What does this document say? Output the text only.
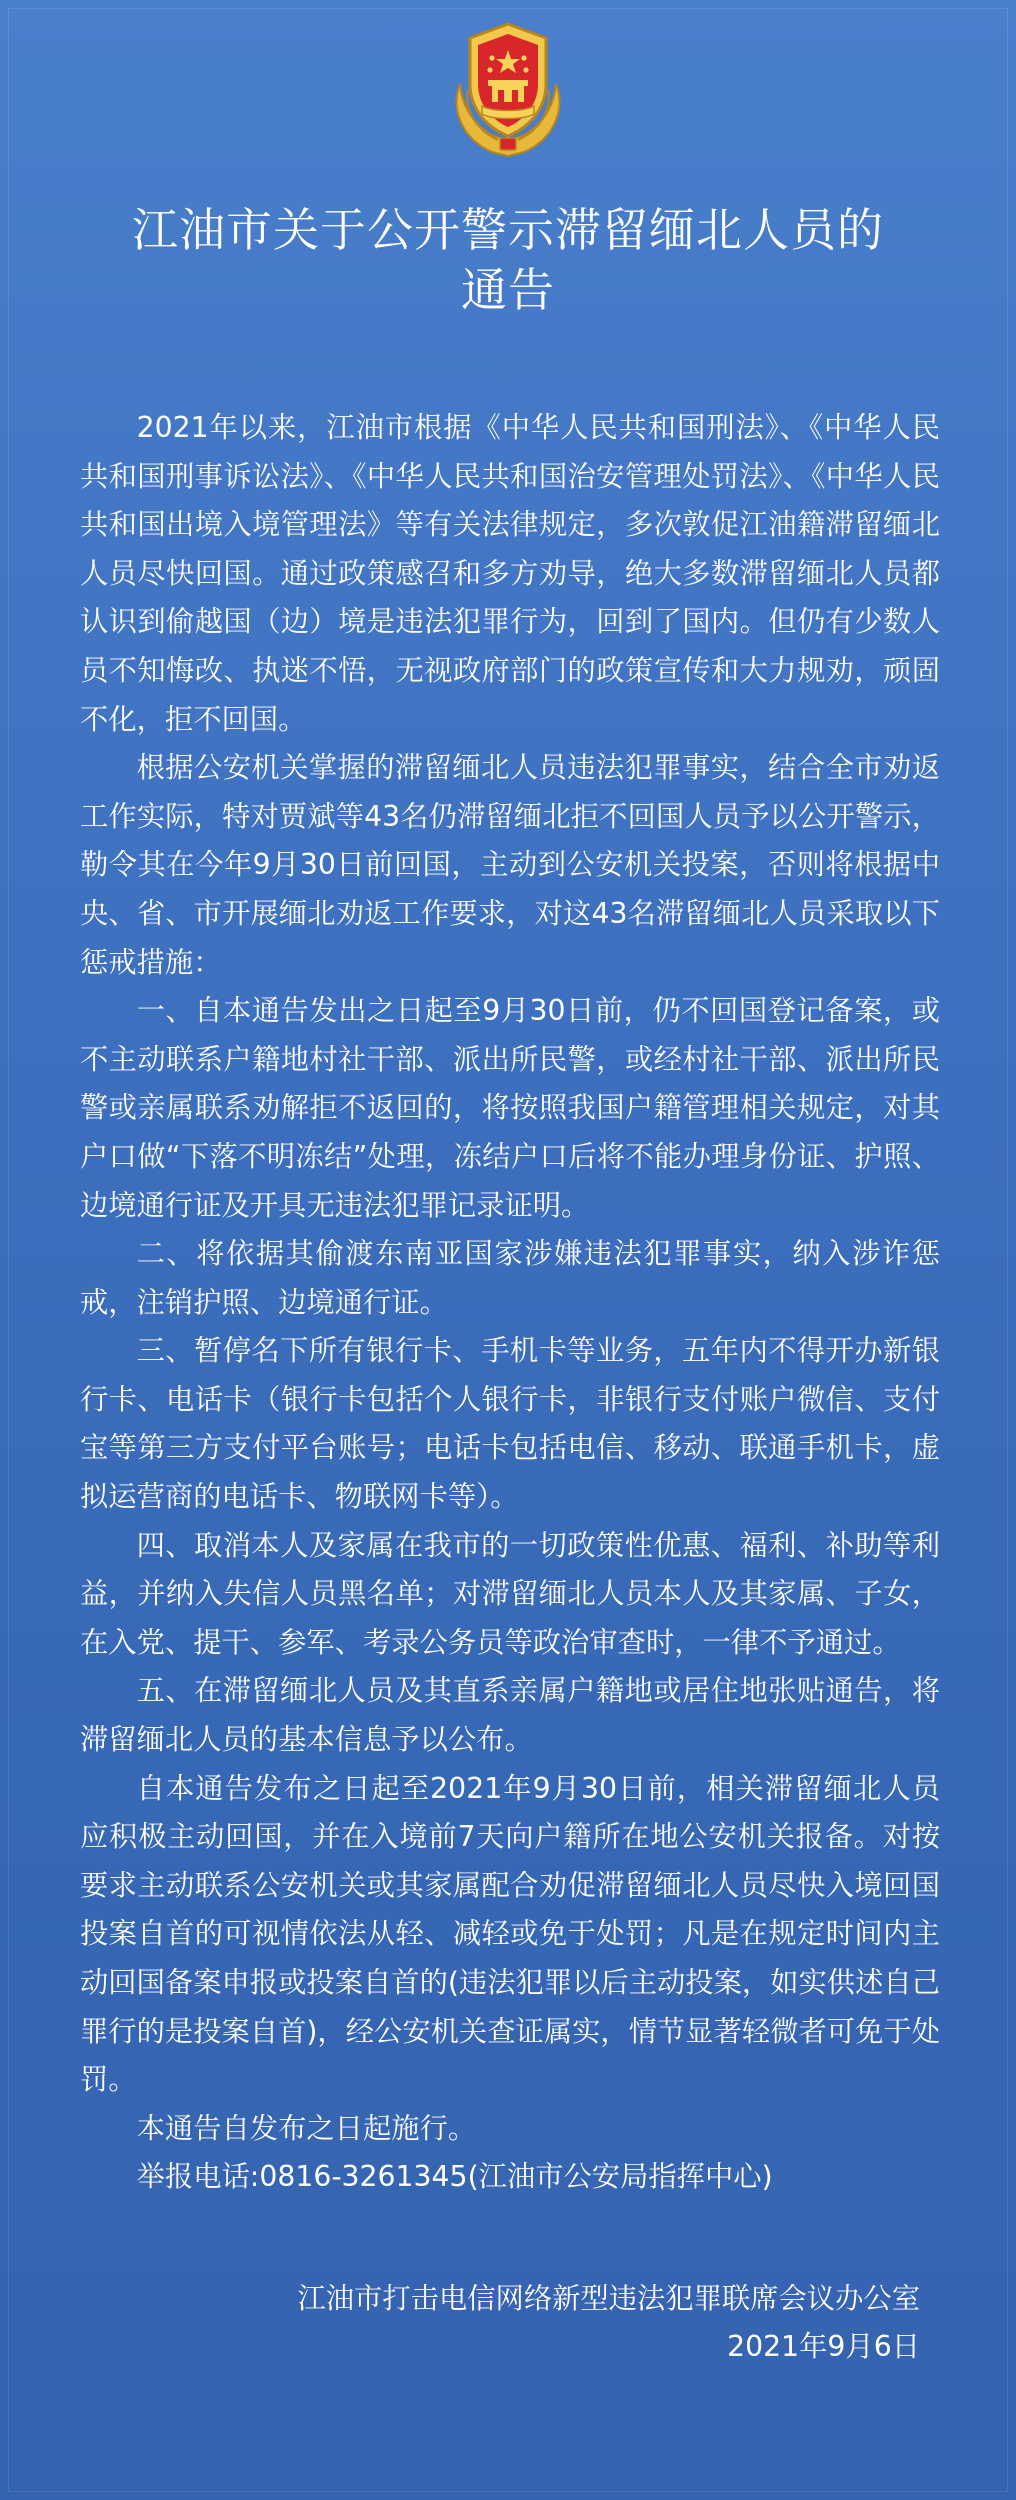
江油市关于公开警示滞留缅北人员的
通告

2021年以来，江油市根据《中华人民共和国刑法》、《中华人民共和国刑事诉讼法》、《中华人民共和国治安管理处罚法》、《中华人民共和国出境入境管理法》等有关法律规定，多次敦促江油籍滞留缅北人员尽快回国。通过政策感召和多方劝导，绝大多数滞留缅北人员都认识到偷越国（边）境是违法犯罪行为，回到了国内。但仍有少数人员不知悔改、执迷不悟，无视政府部门的政策宣传和大力规劝，顽固不化，拒不回国。

根据公安机关掌握的滞留缅北人员违法犯罪事实，结合全市劝返工作实际，特对贾斌等43名仍滞留缅北拒不回国人员予以公开警示，勒令其在今年9月30日前回国，主动到公安机关投案，否则将根据中央、省、市开展缅北劝返工作要求，对这43名滞留缅北人员采取以下惩戒措施：

一、自本通告发出之日起至9月30日前，仍不回国登记备案，或不主动联系户籍地村社干部、派出所民警，或经村社干部、派出所民警或亲属联系劝解拒不返回的，将按照我国户籍管理相关规定，对其户口做“下落不明冻结”处理，冻结户口后将不能办理身份证、护照、边境通行证及开具无违法犯罪记录证明。

二、将依据其偷渡东南亚国家涉嫌违法犯罪事实，纳入涉诈惩戒，注销护照、边境通行证。

三、暂停名下所有银行卡、手机卡等业务，五年内不得开办新银行卡、电话卡（银行卡包括个人银行卡，非银行支付账户微信、支付宝等第三方支付平台账号；电话卡包括电信、移动、联通手机卡，虚拟运营商的电话卡、物联网卡等）。

四、取消本人及家属在我市的一切政策性优惠、福利、补助等利益，并纳入失信人员黑名单；对滞留缅北人员本人及其家属、子女，在入党、提干、参军、考录公务员等政治审查时，一律不予通过。

五、在滞留缅北人员及其直系亲属户籍地或居住地张贴通告，将滞留缅北人员的基本信息予以公布。

自本通告发布之日起至2021年9月30日前，相关滞留缅北人员应积极主动回国，并在入境前7天向户籍所在地公安机关报备。对按要求主动联系公安机关或其家属配合劝促滞留缅北人员尽快入境回国投案自首的可视情依法从轻、减轻或免于处罚；凡是在规定时间内主动回国备案申报或投案自首的(违法犯罪以后主动投案，如实供述自己罪行的是投案自首)，经公安机关查证属实，情节显著轻微者可免于处罚。

本通告自发布之日起施行。

举报电话:0816-3261345(江油市公安局指挥中心)

江油市打击电信网络新型违法犯罪联席会议办公室
2021年9月6日
